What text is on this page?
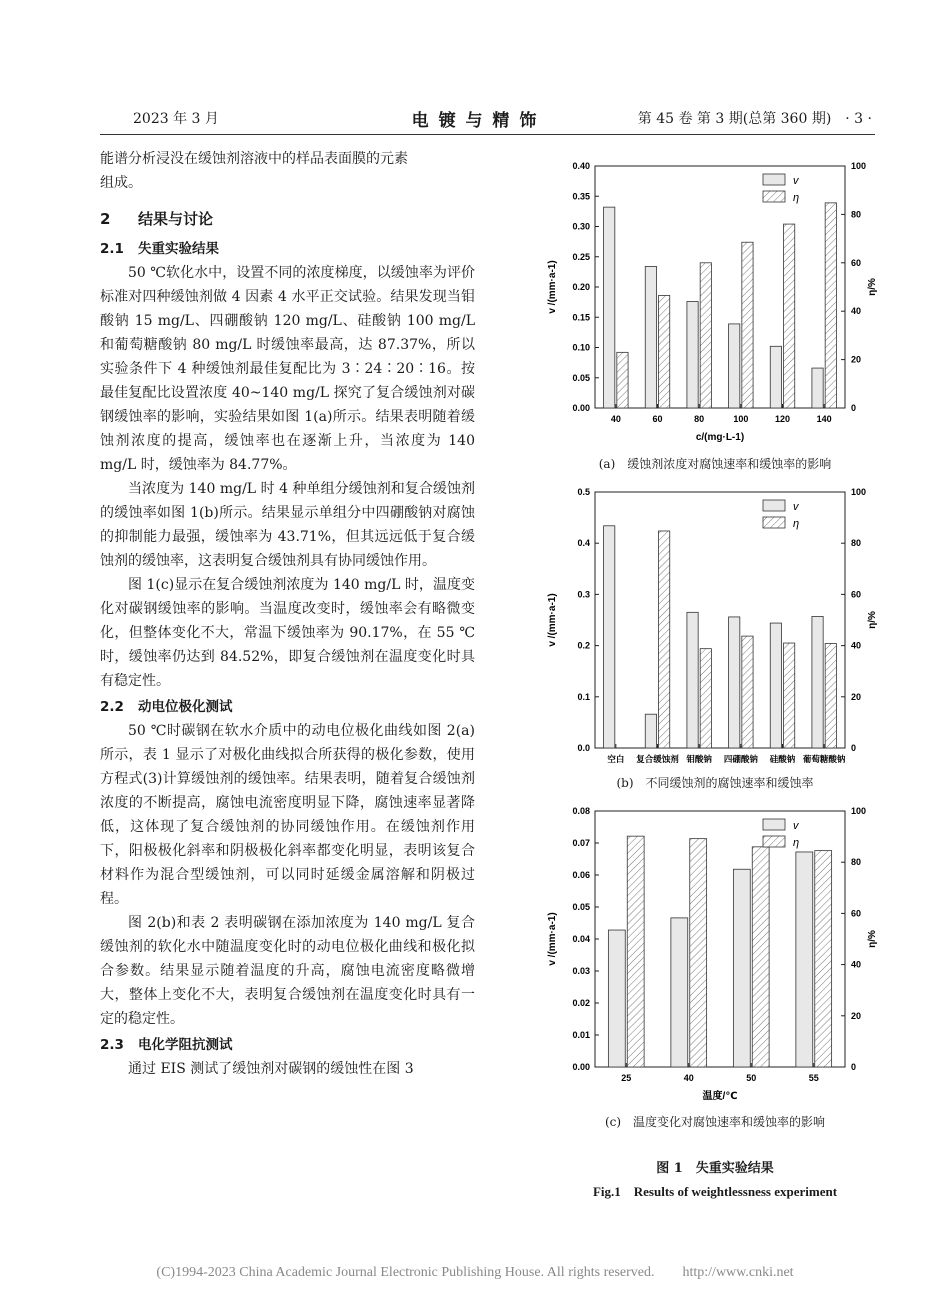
2023 年 3 月	电 镀 与 精 饰	第 45 卷 第 3 期(总第 360 期)　· 3 ·

能谱分析浸没在缓蚀剂溶液中的样品表面膜的元素

组成。

2 结果与讨论
2.1 失重实验结果

50 ℃软化水中，设置不同的浓度梯度，以缓蚀率为评价标准对四种缓蚀剂做 4 因素 4 水平正交试验。结果发现当钼酸钠 15 mg/L、四硼酸钠 120 mg/L、硅酸钠 100 mg/L 和葡萄糖酸钠 80 mg/L 时缓蚀率最高，达 87.37%，所以实验条件下 4 种缓蚀剂最佳复配比为 3∶24∶20∶16。按最佳复配比设置浓度 40~140 mg/L 探究了复合缓蚀剂对碳钢缓蚀率的影响，实验结果如图 1(a)所示。结果表明随着缓蚀剂浓度的提高，缓蚀率也在逐渐上升，当浓度为 140 mg/L 时，缓蚀率为 84.77%。

当浓度为 140 mg/L 时 4 种单组分缓蚀剂和复合缓蚀剂的缓蚀率如图 1(b)所示。结果显示单组分中四硼酸钠对腐蚀的抑制能力最强，缓蚀率为 43.71%，但其远远低于复合缓蚀剂的缓蚀率，这表明复合缓蚀剂具有协同缓蚀作用。

图 1(c)显示在复合缓蚀剂浓度为 140 mg/L 时，温度变化对碳钢缓蚀率的影响。当温度改变时，缓蚀率会有略微变化，但整体变化不大，常温下缓蚀率为 90.17%，在 55 ℃时，缓蚀率仍达到 84.52%，即复合缓蚀剂在温度变化时具有稳定性。

2.2 动电位极化测试

50 ℃时碳钢在软水介质中的动电位极化曲线如图 2(a)所示，表 1 显示了对极化曲线拟合所获得的极化参数，使用方程式(3)计算缓蚀剂的缓蚀率。结果表明，随着复合缓蚀剂浓度的不断提高，腐蚀电流密度明显下降，腐蚀速率显著降低，这体现了复合缓蚀剂的协同缓蚀作用。在缓蚀剂作用下，阳极极化斜率和阴极极化斜率都变化明显，表明该复合材料作为混合型缓蚀剂，可以同时延缓金属溶解和阴极过程。

图 2(b)和表 2 表明碳钢在添加浓度为 140 mg/L 复合缓蚀剂的软化水中随温度变化时的动电位极化曲线和极化拟合参数。结果显示随着温度的升高，腐蚀电流密度略微增大，整体上变化不大，表明复合缓蚀剂在温度变化时具有一定的稳定性。

2.3 电化学阻抗测试

通过 EIS 测试了缓蚀剂对碳钢的缓蚀性在图 3

0.00
0.05
0.10
0.15
0.20
0.25
0.30
0.35
0.40
0
20
40
60
80
100
v /(mm·a-1)	η/%
c/(mg·L-1)
40	60	80	100	120	140
v
η
(a)　缓蚀剂浓度对腐蚀速率和缓蚀率的影响
0.0
0.1
0.2
0.3
0.4
0.5
0
20
40
60
80
100
v /(mm·a-1)	η/%
空白 复合缓蚀剂 钼酸钠 四硼酸钠 硅酸钠 葡萄糖酸钠
v
η
(b)　不同缓蚀剂的腐蚀速率和缓蚀率
0.00
0.01
0.02
0.03
0.04
0.05
0.06
0.07
0.08
0
20
40
60
80
100
v /(mm·a-1)	η/%
温度/℃
25	40	50	55
v
η
(c)　温度变化对腐蚀速率和缓蚀率的影响
图 1　失重实验结果
Fig.1　Results of weightlessness experiment
(C)1994-2023 China Academic Journal Electronic Publishing House. All rights reserved.　　http://www.cnki.net
